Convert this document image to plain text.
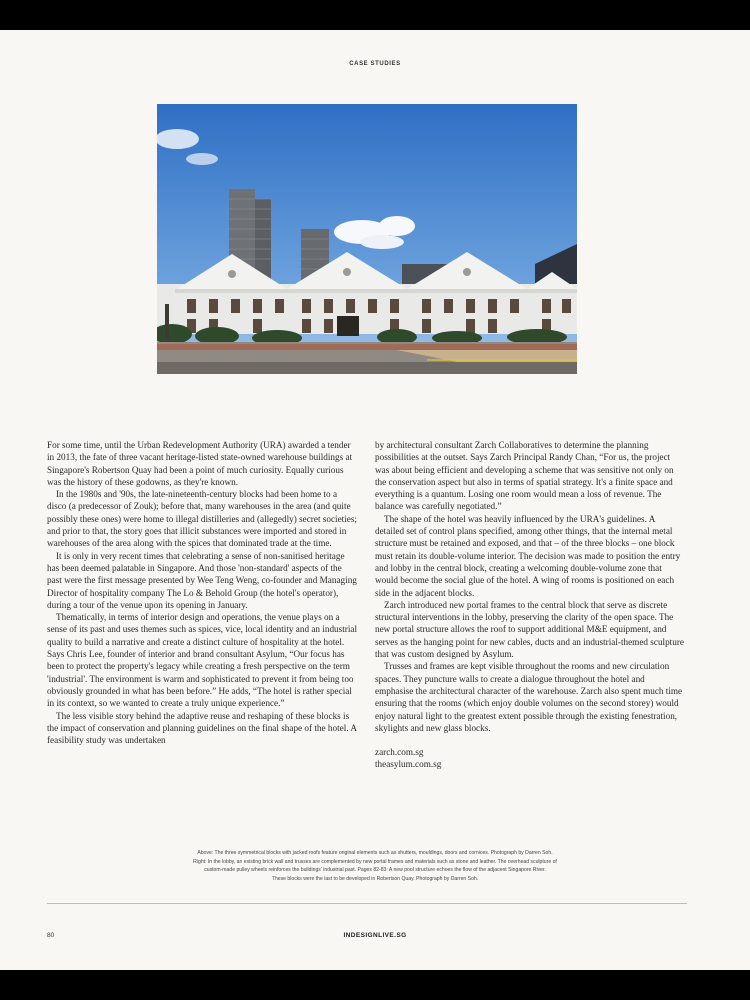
CASE STUDIES

For some time, until the Urban Redevelopment Authority (URA) awarded a tender in 2013, the fate of three vacant heritage-listed state-owned warehouse buildings at Singapore's Robertson Quay had been a point of much curiosity. Equally curious was the history of these godowns, as they're known.

In the 1980s and '90s, the late-nineteenth-century blocks had been home to a disco (a predecessor of Zouk); before that, many warehouses in the area (and quite possibly these ones) were home to illegal distilleries and (allegedly) secret societies; and prior to that, the story goes that illicit substances were imported and stored in warehouses of the area along with the spices that dominated trade at the time.

It is only in very recent times that celebrating a sense of non-sanitised heritage has been deemed palatable in Singapore. And those 'non-standard' aspects of the past were the first message presented by Wee Teng Weng, co-founder and Managing Director of hospitality company The Lo & Behold Group (the hotel's operator), during a tour of the venue upon its opening in January.

Thematically, in terms of interior design and operations, the venue plays on a sense of its past and uses themes such as spices, vice, local identity and an industrial quality to build a narrative and create a distinct culture of hospitality at the hotel. Says Chris Lee, founder of interior and brand consultant Asylum, “Our focus has been to protect the property's legacy while creating a fresh perspective on the term 'industrial'. The environment is warm and sophisticated to prevent it from being too obviously grounded in what has been before.” He adds, “The hotel is rather special in its context, so we wanted to create a truly unique experience.”

The less visible story behind the adaptive reuse and reshaping of these blocks is the impact of conservation and planning guidelines on the final shape of the hotel. A feasibility study was undertaken

by architectural consultant Zarch Collaboratives to determine the planning possibilities at the outset. Says Zarch Principal Randy Chan, “For us, the project was about being efficient and developing a scheme that was sensitive not only on the conservation aspect but also in terms of spatial strategy. It's a finite space and everything is a quantum. Losing one room would mean a loss of revenue. The balance was carefully negotiated.”

The shape of the hotel was heavily influenced by the URA's guidelines. A detailed set of control plans specified, among other things, that the internal metal structure must be retained and exposed, and that – of the three blocks – one block must retain its double-volume interior. The decision was made to position the entry and lobby in the central block, creating a welcoming double-volume zone that would become the social glue of the hotel. A wing of rooms is positioned on each side in the adjacent blocks.

Zarch introduced new portal frames to the central block that serve as discrete structural interventions in the lobby, preserving the clarity of the open space. The new portal structure allows the roof to support additional M&E equipment, and serves as the hanging point for new cables, ducts and an industrial-themed sculpture that was custom designed by Asylum.

Trusses and frames are kept visible throughout the rooms and new circulation spaces. They puncture walls to create a dialogue throughout the hotel and emphasise the architectural character of the warehouse. Zarch also spent much time ensuring that the rooms (which enjoy double volumes on the second storey) would enjoy natural light to the greatest extent possible through the existing fenestration, skylights and new glass blocks.

zarch.com.sg
theasylum.com.sg
Above: The three symmetrical blocks with jacked roofs feature original elements such as shutters, mouldings, doors and cornices. Photograph by Darren Soh.
Right: In the lobby, an existing brick wall and trusses are complemented by new portal frames and materials such as stone and leather. The overhead sculpture of
custom-made pulley wheels reinforces the buildings' industrial past. Pages 82-83: A new pool structure echoes the flow of the adjacent Singapore River.
These blocks were the last to be developed in Robertson Quay. Photograph by Darren Soh.
80	INDESIGNLIVE.SG
